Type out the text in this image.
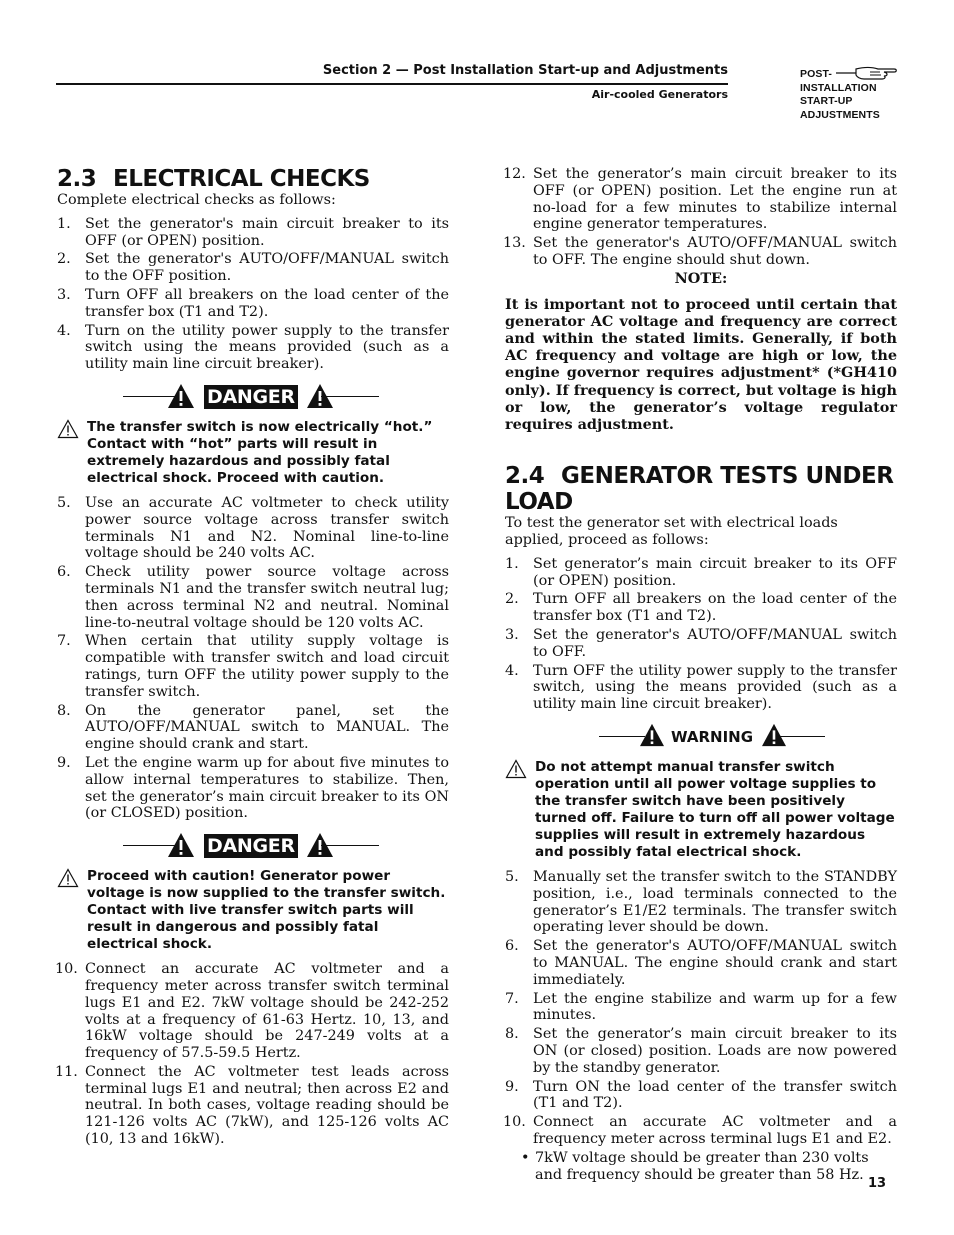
Section 2 — Post Installation Start-up and Adjustments
Air-cooled Generators
POST-
INSTALLATION
START-UP
ADJUSTMENTS
2.3 ELECTRICAL CHECKS

Complete electrical checks as follows:

1. Set the generator's main circuit breaker to its OFF (or OPEN) position.
2. Set the generator's AUTO/OFF/MANUAL switch to the OFF position.
3. Turn OFF all breakers on the load center of the transfer box (T1 and T2).
4. Turn on the utility power supply to the transfer switch using the means provided (such as a utility main line circuit breaker).
DANGER
The transfer switch is now electrically “hot.” Contact with “hot” parts will result in extremely hazardous and possibly fatal electrical shock. Proceed with caution.
5. Use an accurate AC voltmeter to check utility power source voltage across transfer switch terminals N1 and N2. Nominal line-to-line voltage should be 240 volts AC.
6. Check utility power source voltage across terminals N1 and the transfer switch neutral lug; then across terminal N2 and neutral. Nominal line-to-neutral voltage should be 120 volts AC.
7. When certain that utility supply voltage is compatible with transfer switch and load circuit ratings, turn OFF the utility power supply to the transfer switch.
8. On the generator panel, set the AUTO/OFF/MANUAL switch to MANUAL. The engine should crank and start.
9. Let the engine warm up for about five minutes to allow internal temperatures to stabilize. Then, set the generator’s main circuit breaker to its ON (or CLOSED) position.
DANGER
Proceed with caution! Generator power voltage is now supplied to the transfer switch. Contact with live transfer switch parts will result in dangerous and possibly fatal electrical shock.
10. Connect an accurate AC voltmeter and a frequency meter across transfer switch terminal lugs E1 and E2. 7kW voltage should be 242-252 volts at a frequency of 61-63 Hertz. 10, 13, and 16kW voltage should be 247-249 volts at a frequency of 57.5-59.5 Hertz.
11. Connect the AC voltmeter test leads across terminal lugs E1 and neutral; then across E2 and neutral. In both cases, voltage reading should be 121-126 volts AC (7kW), and 125-126 volts AC (10, 13 and 16kW).
12. Set the generator’s main circuit breaker to its OFF (or OPEN) position. Let the engine run at no-load for a few minutes to stabilize internal engine generator temperatures.
13. Set the generator's AUTO/OFF/MANUAL switch to OFF. The engine should shut down.
NOTE:
It is important not to proceed until certain that generator AC voltage and frequency are correct and within the stated limits. Generally, if both AC frequency and voltage are high or low, the engine governor requires adjustment* (*GH410 only). If frequency is correct, but voltage is high or low, the generator’s voltage regulator requires adjustment.
2.4 GENERATOR TESTS UNDER LOAD

To test the generator set with electrical loads applied, proceed as follows:

1. Set generator’s main circuit breaker to its OFF (or OPEN) position.
2. Turn OFF all breakers on the load center of the transfer box (T1 and T2).
3. Set the generator's AUTO/OFF/MANUAL switch to OFF.
4. Turn OFF the utility power supply to the transfer switch, using the means provided (such as a utility main line circuit breaker).
WARNING
Do not attempt manual transfer switch operation until all power voltage supplies to the transfer switch have been positively turned off. Failure to turn off all power voltage supplies will result in extremely hazardous and possibly fatal electrical shock.
5. Manually set the transfer switch to the STANDBY position, i.e., load terminals connected to the generator’s E1/E2 terminals. The transfer switch operating lever should be down.
6. Set the generator's AUTO/OFF/MANUAL switch to MANUAL. The engine should crank and start immediately.
7. Let the engine stabilize and warm up for a few minutes.
8. Set the generator’s main circuit breaker to its ON (or closed) position. Loads are now powered by the standby generator.
9. Turn ON the load center of the transfer switch (T1 and T2).
10. Connect an accurate AC voltmeter and a frequency meter across terminal lugs E1 and E2.
• 7kW voltage should be greater than 230 volts and frequency should be greater than 58 Hz.
13
